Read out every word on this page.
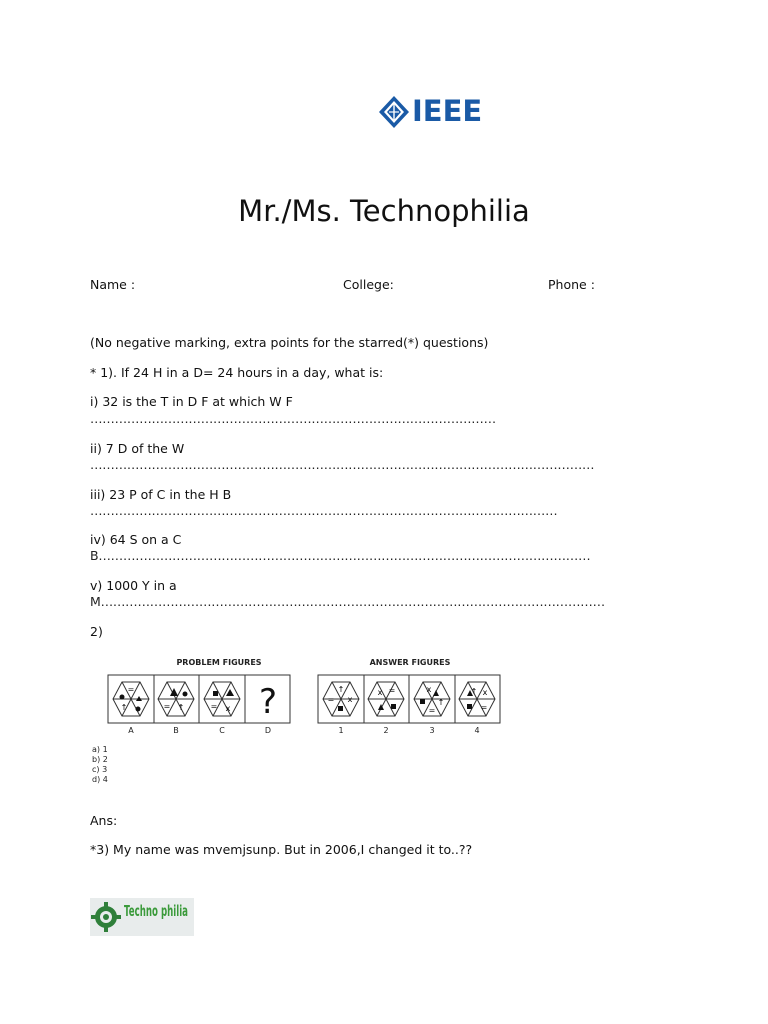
IEEE
Mr./Ms. Technophilia
Name :	College:	Phone :
(No negative marking, extra points for the starred(*) questions)
* 1). If 24 H in a D= 24 hours in a day, what is:
i) 32 is the T in D F at which W F
………………………………………………………………………………………
ii) 7 D of the W
……………………………………………………………………………………………………………
iii) 23 P of C in the H B
……………………………………………………………………………………………………
iv) 64 S on a C
B…………………………………………………………………………………………………………
v) 1000 Y in a
M……………………………………………………………………………………………………………
2)
PROBLEM FIGURES	ANSWER FIGURES
=
↑	= ↑	= x ?	↑
= x
x =	x
↑
=
↑ x
=
A	B	C	D	1	2	3	4
a) 1
b) 2
c) 3
d) 4
Ans:
*3) My name was mvemjsunp. But in 2006,I changed it to..??
Techno philia
